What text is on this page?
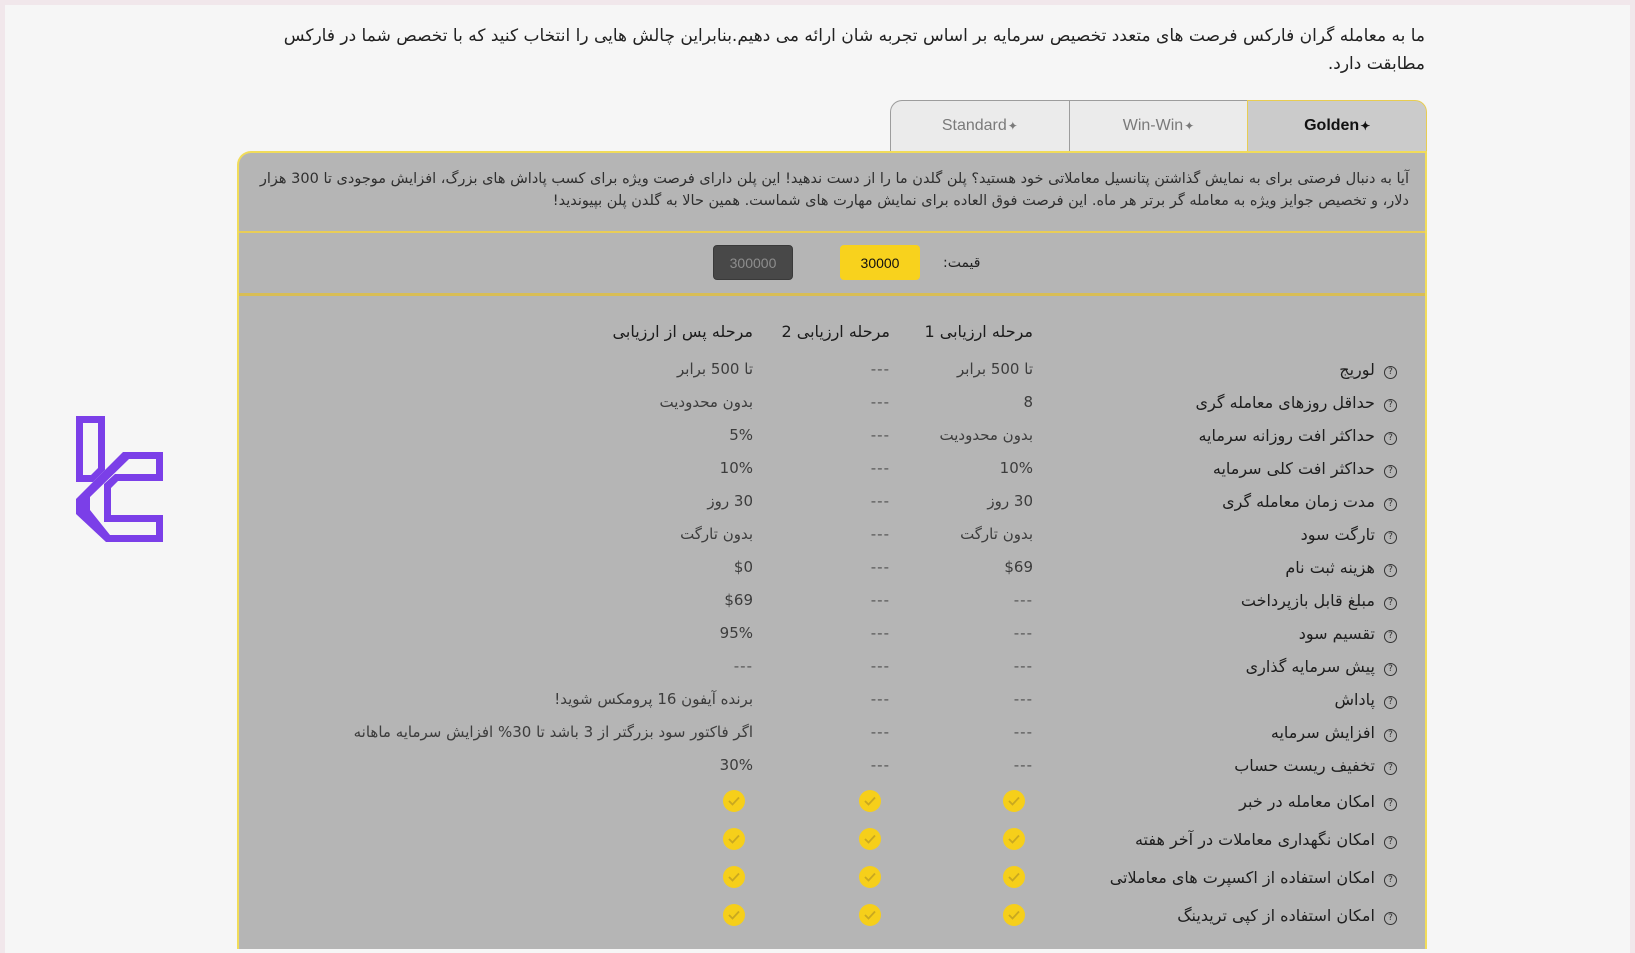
ما به معامله گران فارکس فرصت های متعدد تخصیص سرمایه بر اساس تجربه شان ارائه می دهیم.بنابراین چالش هایی را انتخاب کنید که با تخصص شما در فارکس مطابقت دارد.

Standard ✦	Win-Win ✦	Golden ✦
آیا به دنبال فرصتی برای به نمایش گذاشتن پتانسیل معاملاتی خود هستید؟ پلن گلدن ما را از دست ندهید! این پلن دارای فرصت ویژه برای کسب پاداش های بزرگ، افزایش موجودی تا 300 هزار دلار، و تخصیص جوایز ویژه به معامله گر برتر هر ماه. این فرصت فوق العاده برای نمایش مهارت های شماست. همین حالا به گلدن پلن بپیوندید!
قیمت:
30000
300000
مرحله ارزیابی 1
مرحله ارزیابی 2
مرحله پس از ارزیابی
? لوریج
تا 500 برابر
---
تا 500 برابر
? حداقل روزهای معامله گری
8
---
بدون محدودیت
? حداکثر افت روزانه سرمایه
بدون محدودیت
---
5%
? حداکثر افت کلی سرمایه
10%
---
10%
? مدت زمان معامله گری
30 روز
---
30 روز
? تارگت سود
بدون تارگت
---
بدون تارگت
? هزینه ثبت نام
$69
---
$0
? مبلغ قابل بازپرداخت
---
---
$69
? تقسیم سود
---
---
95%
? پیش سرمایه گذاری
---
---
---
? پاداش
---
---
برنده آیفون 16 پرومکس شوید!
? افزایش سرمایه
---
---
اگر فاکتور سود بزرگتر از 3 باشد تا 30% افزایش سرمایه ماهانه
? تخفیف ریست حساب
---
---
30%
? امکان معامله در خبر
? امکان نگهداری معاملات در آخر هفته
? امکان استفاده از اکسپرت های معاملاتی
? امکان استفاده از کپی تریدینگ
